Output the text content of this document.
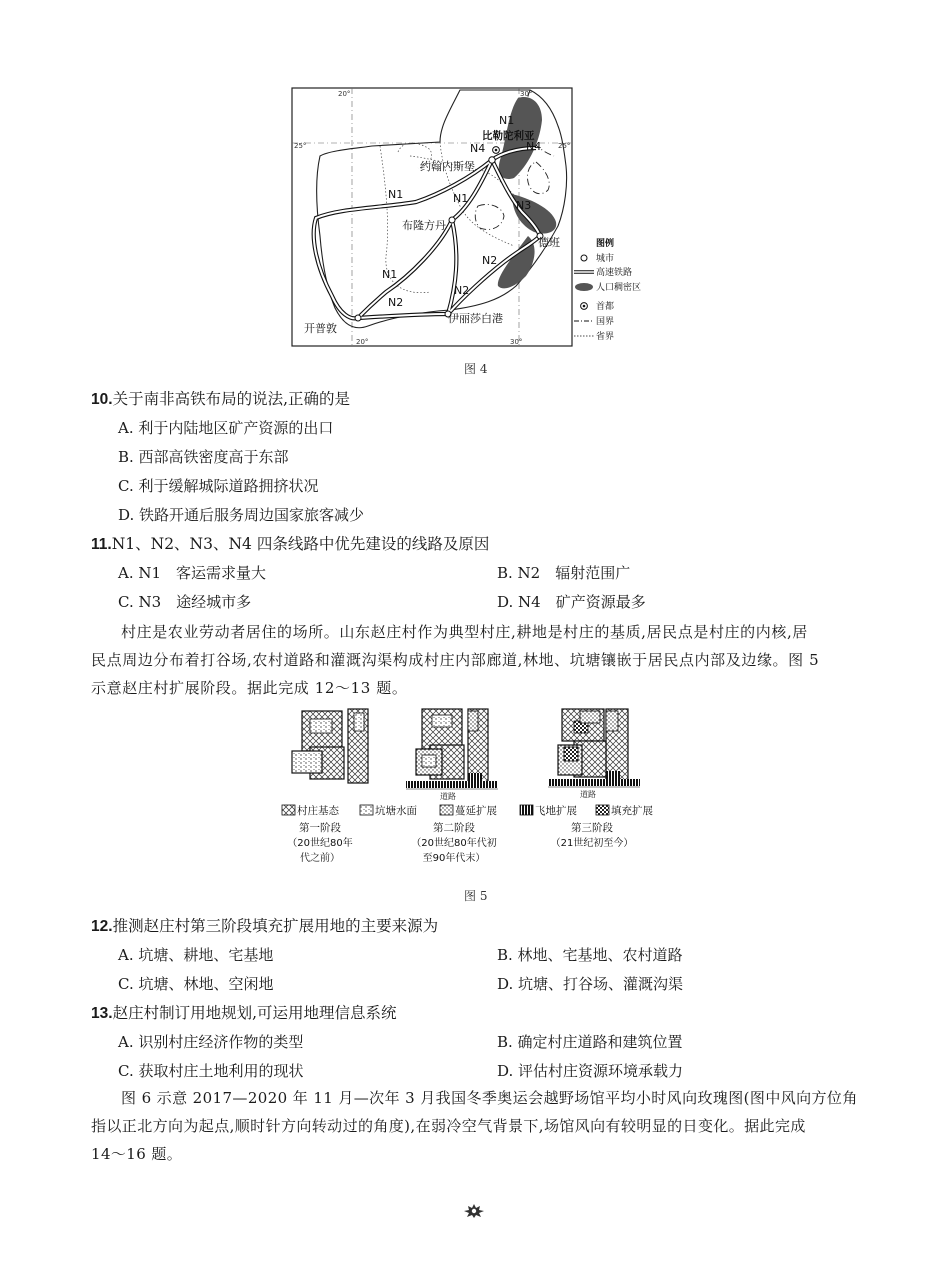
N1
比勒陀利亚
N4	N4
约翰内斯堡
N1	N1
N3
布隆方丹
德班
N2
N1
N2
N2
开普敦
伊丽莎白港
20°	30°
25°	25°
20°	30°
图例
城市
高速铁路
人口稠密区
首都
国界
省界
图 4
10.关于南非高铁布局的说法,正确的是
A. 利于内陆地区矿产资源的出口
B. 西部高铁密度高于东部
C. 利于缓解城际道路拥挤状况
D. 铁路开通后服务周边国家旅客减少
11.N1、N2、N3、N4 四条线路中优先建设的线路及原因
A. N1　客运需求量大	B. N2　辐射范围广
C. N3　途经城市多	D. N4　矿产资源最多
村庄是农业劳动者居住的场所。山东赵庄村作为典型村庄,耕地是村庄的基质,居民点是村庄的内核,居
民点周边分布着打谷场,农村道路和灌溉沟渠构成村庄内部廊道,林地、坑塘镶嵌于居民点内部及边缘。图 5
示意赵庄村扩展阶段。据此完成 12～13 题。
道路	道路
村庄基态	坑塘水面	蔓延扩展	飞地扩展	填充扩展
第一阶段
（20世纪80年
代之前）
第二阶段
（20世纪80年代初
至90年代末）
第三阶段
（21世纪初至今）
图 5
12.推测赵庄村第三阶段填充扩展用地的主要来源为
A. 坑塘、耕地、宅基地	B. 林地、宅基地、农村道路
C. 坑塘、林地、空闲地	D. 坑塘、打谷场、灌溉沟渠
13.赵庄村制订用地规划,可运用地理信息系统
A. 识别村庄经济作物的类型	B. 确定村庄道路和建筑位置
C. 获取村庄土地利用的现状	D. 评估村庄资源环境承载力
图 6 示意 2017—2020 年 11 月—次年 3 月我国冬季奥运会越野场馆平均小时风向玫瑰图(图中风向方位角
指以正北方向为起点,顺时针方向转动过的角度),在弱冷空气背景下,场馆风向有较明显的日变化。据此完成
14～16 题。
